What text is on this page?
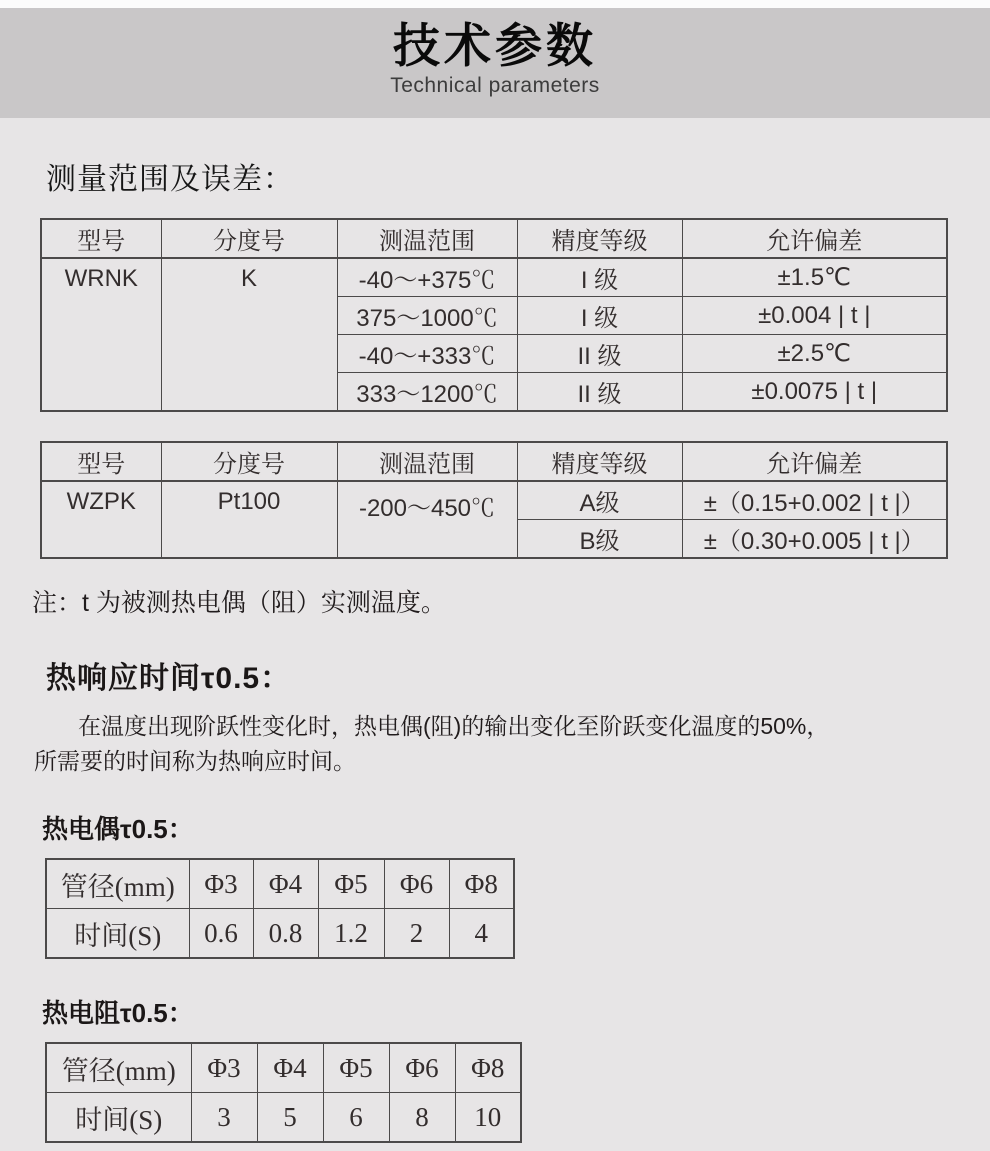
技术参数
Technical parameters
测量范围及误差：
型号	分度号	测温范围	精度等级	允许偏差
WRNK	K	-40～+375℃	I 级	±1.5℃
		375～1000℃	I 级	±0.004 | t |
		-40～+333℃	II 级	±2.5℃
		333～1200℃	II 级	±0.0075 | t |
型号	分度号	测温范围	精度等级	允许偏差
WZPK	Pt100	-200～450℃	A级	±（0.15+0.002 | t |）
			B级	±（0.30+0.005 | t |）
注：t 为被测热电偶（阻）实测温度。
热响应时间τ0.5：
在温度出现阶跃性变化时，热电偶(阻)的输出变化至阶跃变化温度的50%，
所需要的时间称为热响应时间。
热电偶τ0.5：
管径(mm)	Φ3	Φ4	Φ5	Φ6	Φ8
时间(S)	0.6	0.8	1.2	2	4
热电阻τ0.5：
管径(mm)	Φ3	Φ4	Φ5	Φ6	Φ8
时间(S)	3	5	6	8	10
